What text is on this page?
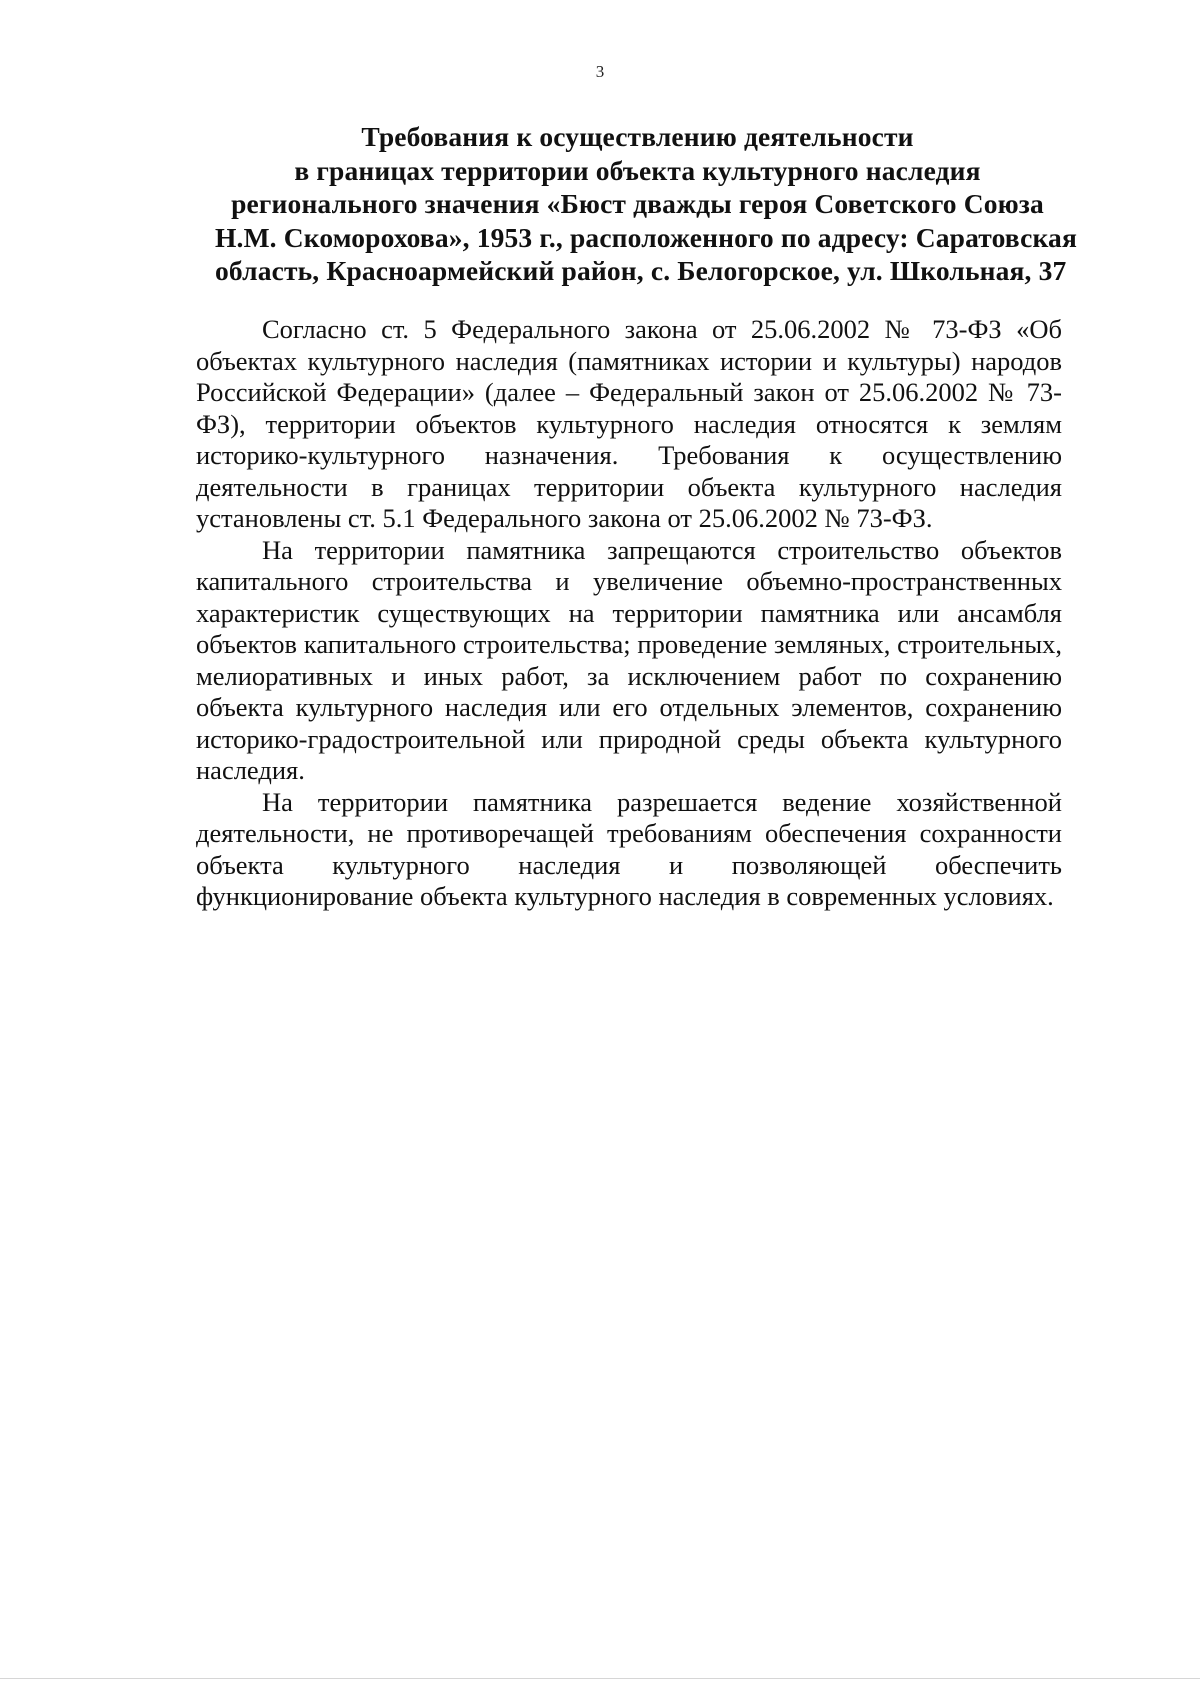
3
Требования к осуществлению деятельности
в границах территории объекта культурного наследия
регионального значения «Бюст дважды героя Советского Союза
Н.М. Скоморохова», 1953 г., расположенного по адресу: Саратовская
область, Красноармейский район, с. Белогорское, ул. Школьная, 37

Согласно ст. 5 Федерального закона от 25.06.2002 № 73-ФЗ «Об объектах культурного наследия (памятниках истории и культуры) народов Российской Федерации» (далее – Федеральный закон от 25.06.2002 № 73-ФЗ), территории объектов культурного наследия относятся к землям историко-культурного назначения. Требования к осуществлению деятельности в границах территории объекта культурного наследия установлены ст. 5.1 Федерального закона от 25.06.2002 № 73-ФЗ.

На территории памятника запрещаются строительство объектов капитального строительства и увеличение объемно-пространственных характеристик существующих на территории памятника или ансамбля объектов капитального строительства; проведение земляных, строительных, мелиоративных и иных работ, за исключением работ по сохранению объекта культурного наследия или его отдельных элементов, сохранению историко-градостроительной или природной среды объекта культурного наследия.

На территории памятника разрешается ведение хозяйственной деятельности, не противоречащей требованиям обеспечения сохранности объекта культурного наследия и позволяющей обеспечить функционирование объекта культурного наследия в современных условиях.
